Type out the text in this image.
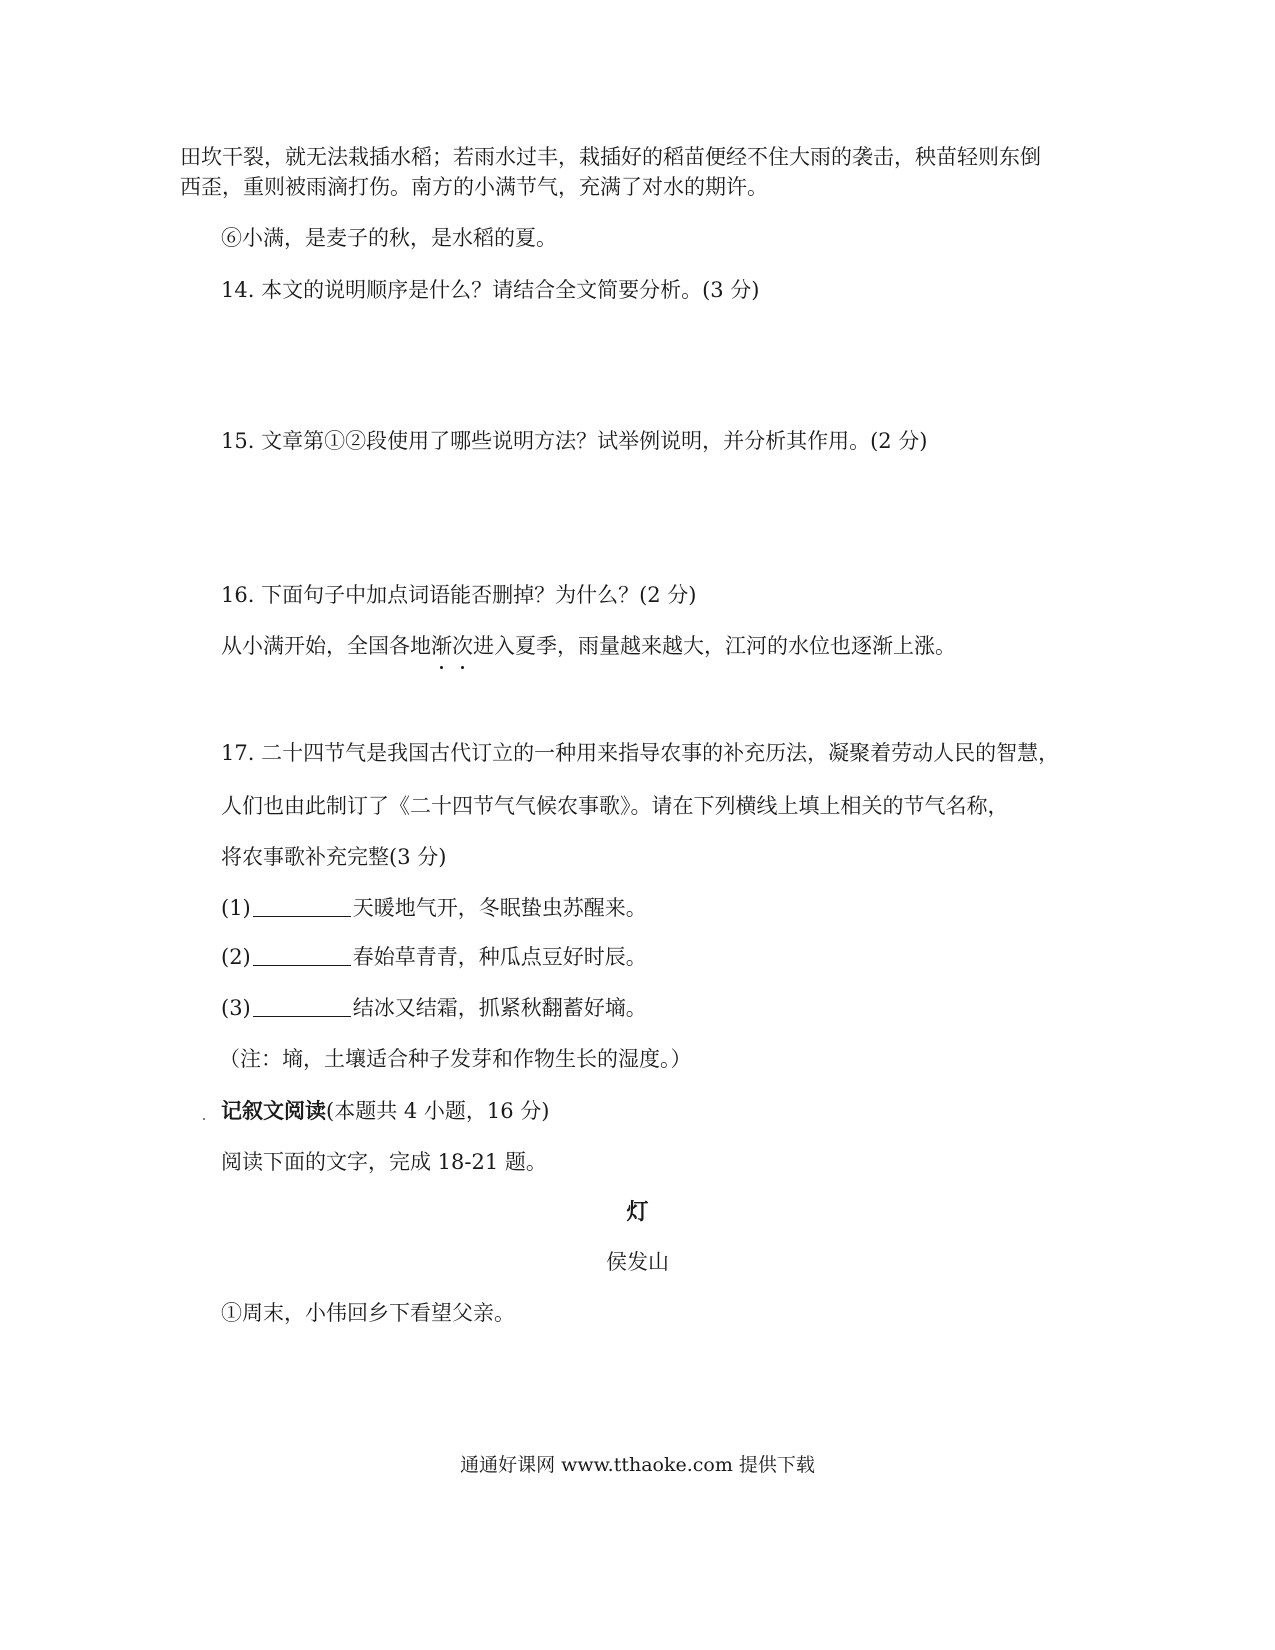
田坎干裂，就无法栽插水稻；若雨水过丰，栽插好的稻苗便经不住大雨的袭击，秧苗轻则东倒
西歪，重则被雨滴打伤。南方的小满节气，充满了对水的期许。
⑥小满，是麦子的秋，是水稻的夏。
14. 本文的说明顺序是什么？请结合全文简要分析。(3 分)
15. 文章第①②段使用了哪些说明方法？试举例说明，并分析其作用。(2 分)
16. 下面句子中加点词语能否删掉？为什么？(2 分)
从小满开始，全国各地渐次进入夏季，雨量越来越大，江河的水位也逐渐上涨。
17. 二十四节气是我国古代订立的一种用来指导农事的补充历法，凝聚着劳动人民的智慧，
人们也由此制订了《二十四节气气候农事歌》。请在下列横线上填上相关的节气名称，
将农事歌补充完整(3 分)
(1)	天暖地气开，冬眠蛰虫苏醒来。
(2)	春始草青青，种瓜点豆好时辰。
(3)	结冰又结霜，抓紧秋翻蓄好墒。
（注：墒，土壤适合种子发芽和作物生长的湿度。）
记叙文阅读(本题共 4 小题，16 分)
阅读下面的文字，完成 18-21 题。
灯
侯发山
①周末，小伟回乡下看望父亲。
通通好课网 www.tthaoke.com 提供下载
